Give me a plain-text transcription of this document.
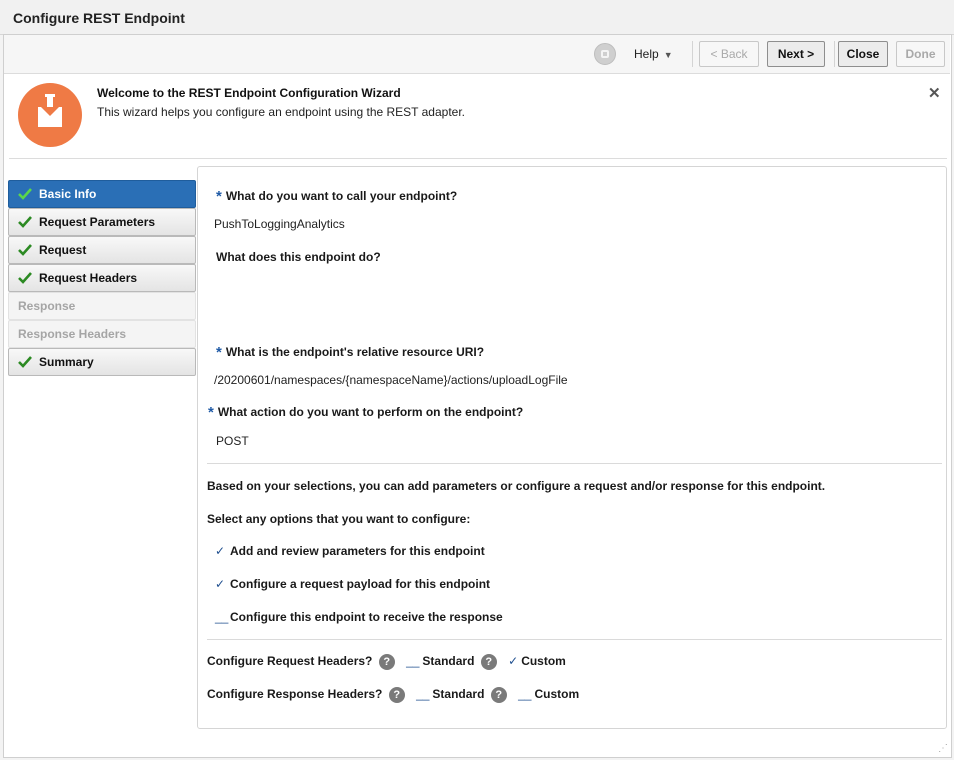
Configure REST Endpoint
Help ▼	< Back	Next >	Close	Done
Welcome to the REST Endpoint Configuration Wizard
This wizard helps you configure an endpoint using the REST adapter.
✕
Basic Info
Request Parameters
Request
Request Headers
Response
Response Headers
Summary
* What do you want to call your endpoint?
PushToLoggingAnalytics
What does this endpoint do?
* What is the endpoint's relative resource URI?
/20200601/namespaces/{namespaceName}/actions/uploadLogFile
* What action do you want to perform on the endpoint?
POST
Based on your selections, you can add parameters or configure a request and/or response for this endpoint.
Select any options that you want to configure:
✓ Add and review parameters for this endpoint
✓ Configure a request payload for this endpoint
__ Configure this endpoint to receive the response
Configure Request Headers? ? __ Standard ? ✓ Custom
Configure Response Headers? ? __ Standard ? __ Custom
⋰
